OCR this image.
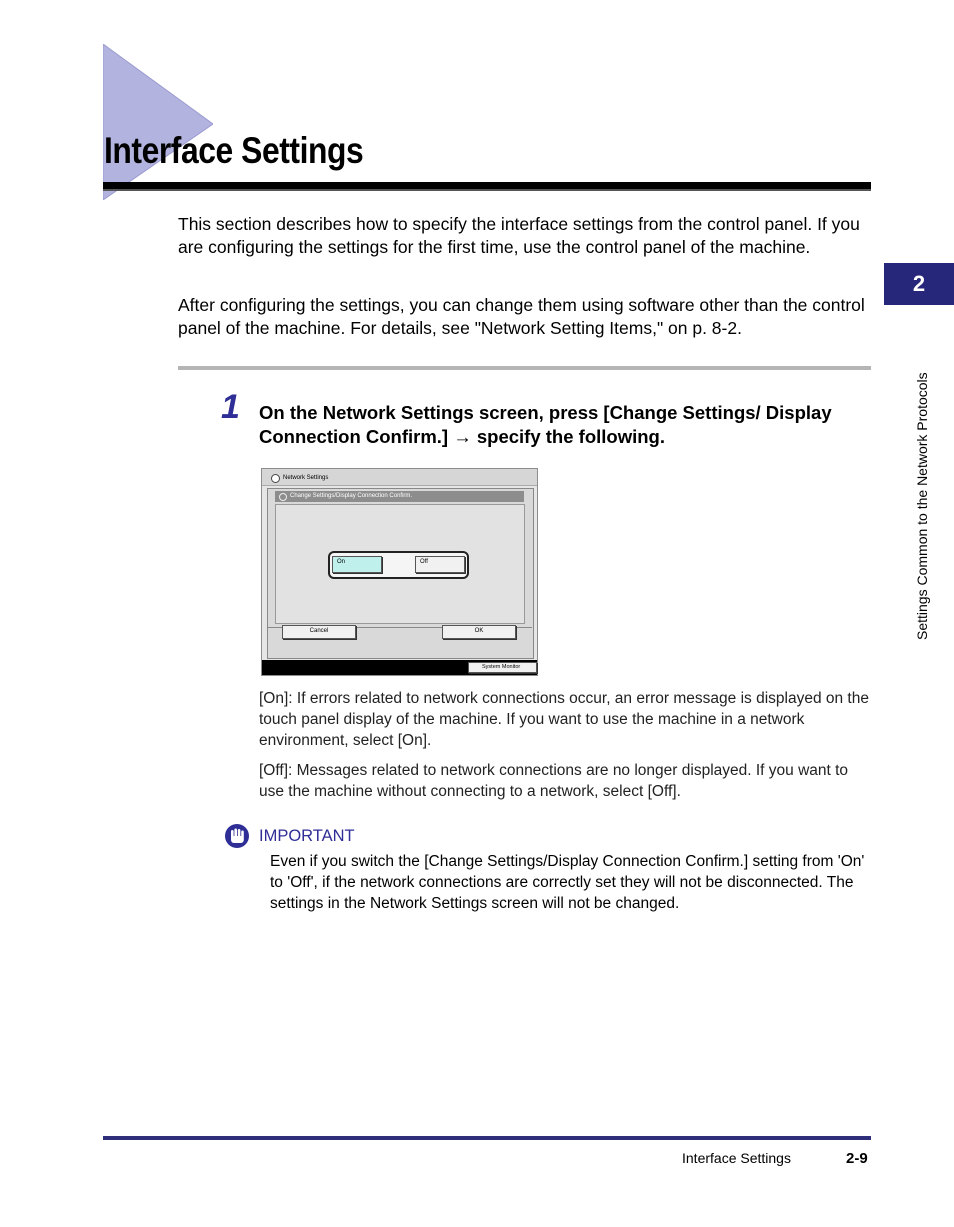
Interface Settings
This section describes how to specify the interface settings from the control panel. If you are configuring the settings for the first time, use the control panel of the machine.
After configuring the settings, you can change them using software other than the control panel of the machine. For details, see "Network Setting Items," on p. 8-2.
2
Settings Common to the Network Protocols
1 On the Network Settings screen, press [Change Settings/ Display Connection Confirm.] → specify the following.
Network Settings
Change Settings/Display Connection Confirm.
On	Off
Cancel	OK
System Monitor
[On]: If errors related to network connections occur, an error message is displayed on the touch panel display of the machine. If you want to use the machine in a network environment, select [On].
[Off]: Messages related to network connections are no longer displayed. If you want to use the machine without connecting to a network, select [Off].
IMPORTANT
Even if you switch the [Change Settings/Display Connection Confirm.] setting from 'On' to 'Off', if the network connections are correctly set they will not be disconnected. The settings in the Network Settings screen will not be changed.
Interface Settings	2-9
